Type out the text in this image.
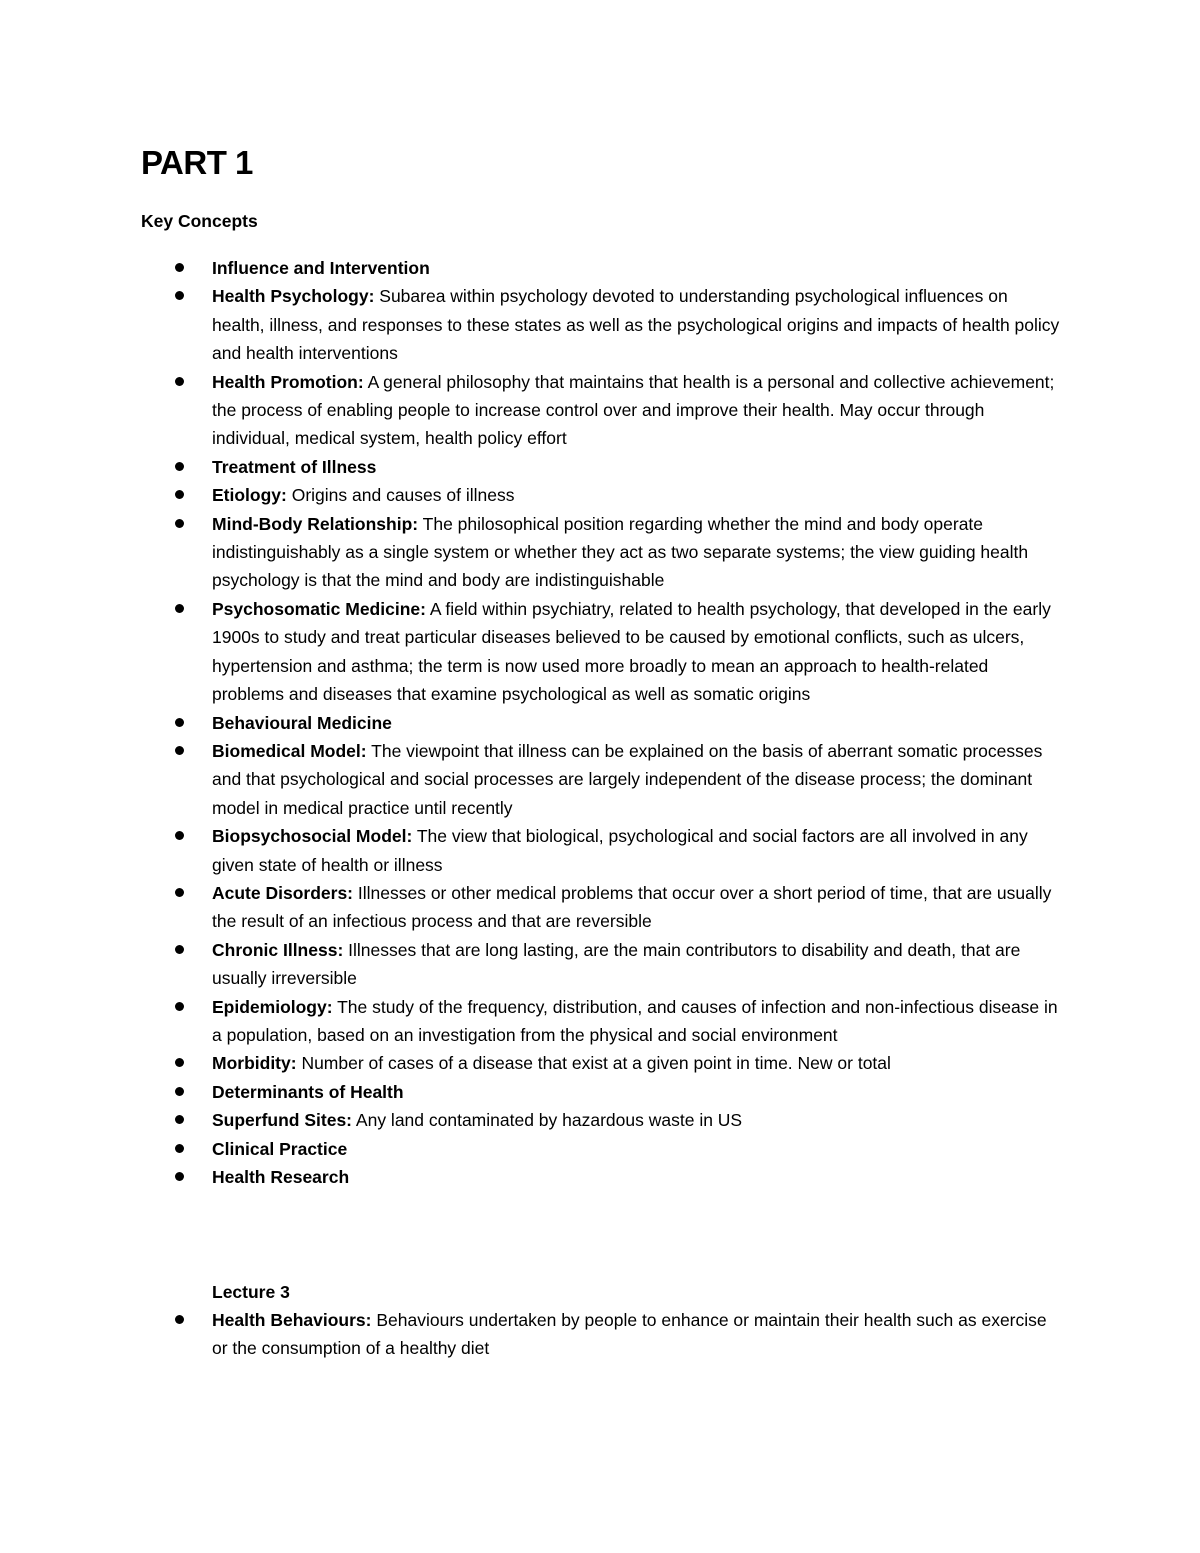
PART 1
Key Concepts
Influence and Intervention
Health Psychology: Subarea within psychology devoted to understanding psychological influences on health, illness, and responses to these states as well as the psychological origins and impacts of health policy and health interventions
Health Promotion: A general philosophy that maintains that health is a personal and collective achievement; the process of enabling people to increase control over and improve their health. May occur through individual, medical system, health policy effort
Treatment of Illness
Etiology: Origins and causes of illness
Mind-Body Relationship: The philosophical position regarding whether the mind and body operate indistinguishably as a single system or whether they act as two separate systems; the view guiding health psychology is that the mind and body are indistinguishable
Psychosomatic Medicine: A field within psychiatry, related to health psychology, that developed in the early 1900s to study and treat particular diseases believed to be caused by emotional conflicts, such as ulcers, hypertension and asthma; the term is now used more broadly to mean an approach to health-related problems and diseases that examine psychological as well as somatic origins
Behavioural Medicine
Biomedical Model: The viewpoint that illness can be explained on the basis of aberrant somatic processes and that psychological and social processes are largely independent of the disease process; the dominant model in medical practice until recently
Biopsychosocial Model: The view that biological, psychological and social factors are all involved in any given state of health or illness
Acute Disorders: Illnesses or other medical problems that occur over a short period of time, that are usually the result of an infectious process and that are reversible
Chronic Illness: Illnesses that are long lasting, are the main contributors to disability and death, that are usually irreversible
Epidemiology: The study of the frequency, distribution, and causes of infection and non-infectious disease in a population, based on an investigation from the physical and social environment
Morbidity: Number of cases of a disease that exist at a given point in time. New or total
Determinants of Health
Superfund Sites: Any land contaminated by hazardous waste in US
Clinical Practice
Health Research
Lecture 3
Health Behaviours: Behaviours undertaken by people to enhance or maintain their health such as exercise or the consumption of a healthy diet
